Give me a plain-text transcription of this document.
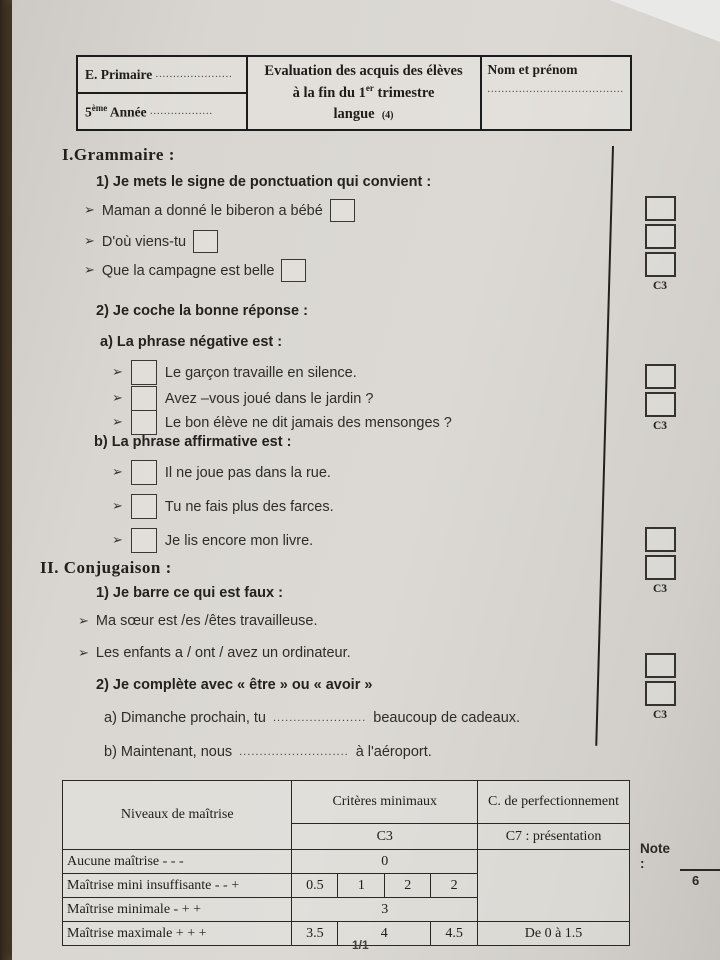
E. Primaire
......................
5ème Année
..................
Evaluation des acquis des élèves
à la fin du 1er trimestre
langue (4)
Nom et prénom
.......................................
I.Grammaire :
1) Je mets le signe de ponctuation qui convient :
➢ Maman a donné le biberon a bébé
➢ D'où viens-tu
➢ Que la campagne est belle
2) Je coche la bonne réponse :
a) La phrase négative est :
➢	Le garçon travaille en silence.
➢	Avez –vous joué dans le jardin ?
➢	Le bon élève ne dit jamais des mensonges ?
b) La phrase affirmative est :
➢	Il ne joue pas dans la rue.
➢	Tu ne fais plus des farces.
➢	Je lis encore mon livre.
II. Conjugaison :
1) Je barre ce qui est faux :
➢ Ma sœur est /es /êtes travailleuse.
➢ Les enfants a / ont / avez un ordinateur.
2) Je complète avec « être » ou « avoir »
a) Dimanche prochain, tu ....................... beaucoup de cadeaux.
b) Maintenant, nous ........................... à l'aéroport.
C3
C3
C3
C3
Niveaux de maîtrise	Critères minimaux				C. de perfectionnement
	C3				C7 : présentation
Aucune maîtrise - - -	0				
Maîtrise mini insuffisante - - +	0.5	1	2	2	
Maîtrise minimale - + +	3				
Maîtrise maximale + + +	3.5	4		4.5	De 0 à 1.5
Note :
6
1/1
